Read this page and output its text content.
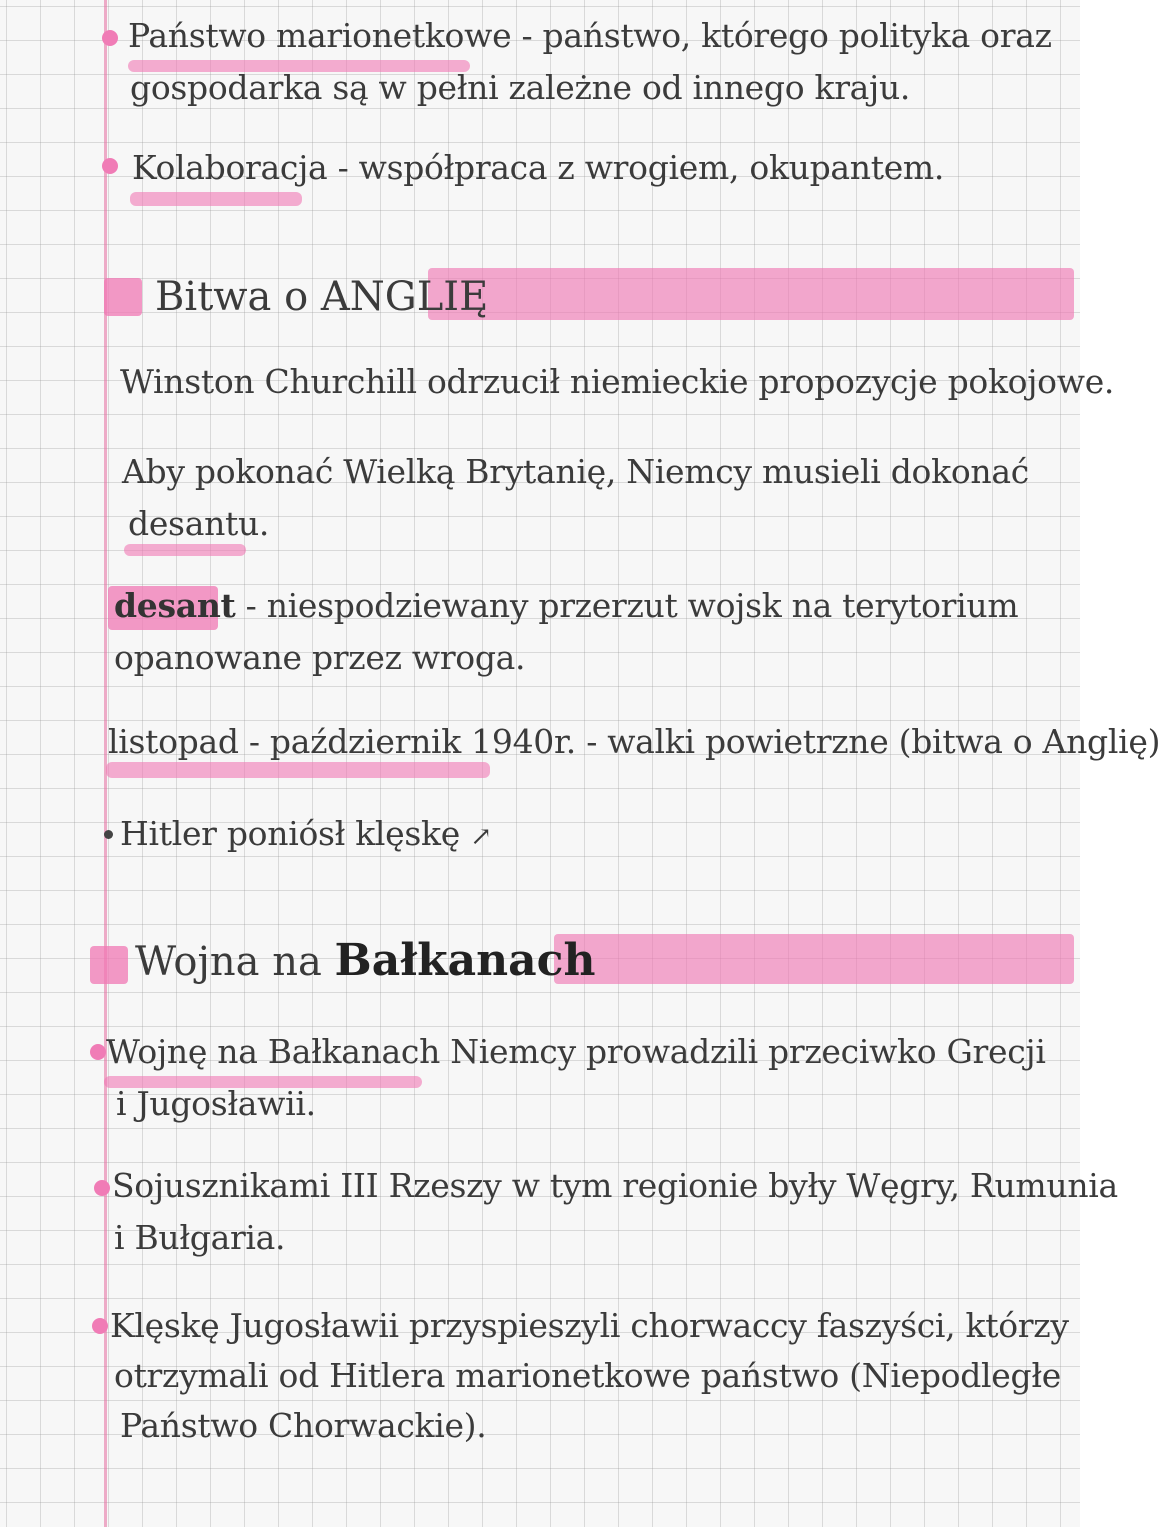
Państwo marionetkowe - państwo, którego polityka oraz
gospodarka są w pełni zależne od innego kraju.
Kolaboracja - współpraca z wrogiem, okupantem.
Bitwa o ANGLIĘ
Winston Churchill odrzucił niemieckie propozycje pokojowe.
Aby pokonać Wielką Brytanię, Niemcy musieli dokonać
desantu.
desant - niespodziewany przerzut wojsk na terytorium
opanowane przez wroga.
listopad - październik 1940r. - walki powietrzne (bitwa o Anglię)
Hitler poniósł klęskę ↗
Wojna na Bałkanach
Wojnę na Bałkanach Niemcy prowadzili przeciwko Grecji
i Jugosławii.
Sojusznikami III Rzeszy w tym regionie były Węgry, Rumunia
i Bułgaria.
Klęskę Jugosławii przyspieszyli chorwaccy faszyści, którzy
otrzymali od Hitlera marionetkowe państwo (Niepodległe
Państwo Chorwackie).
